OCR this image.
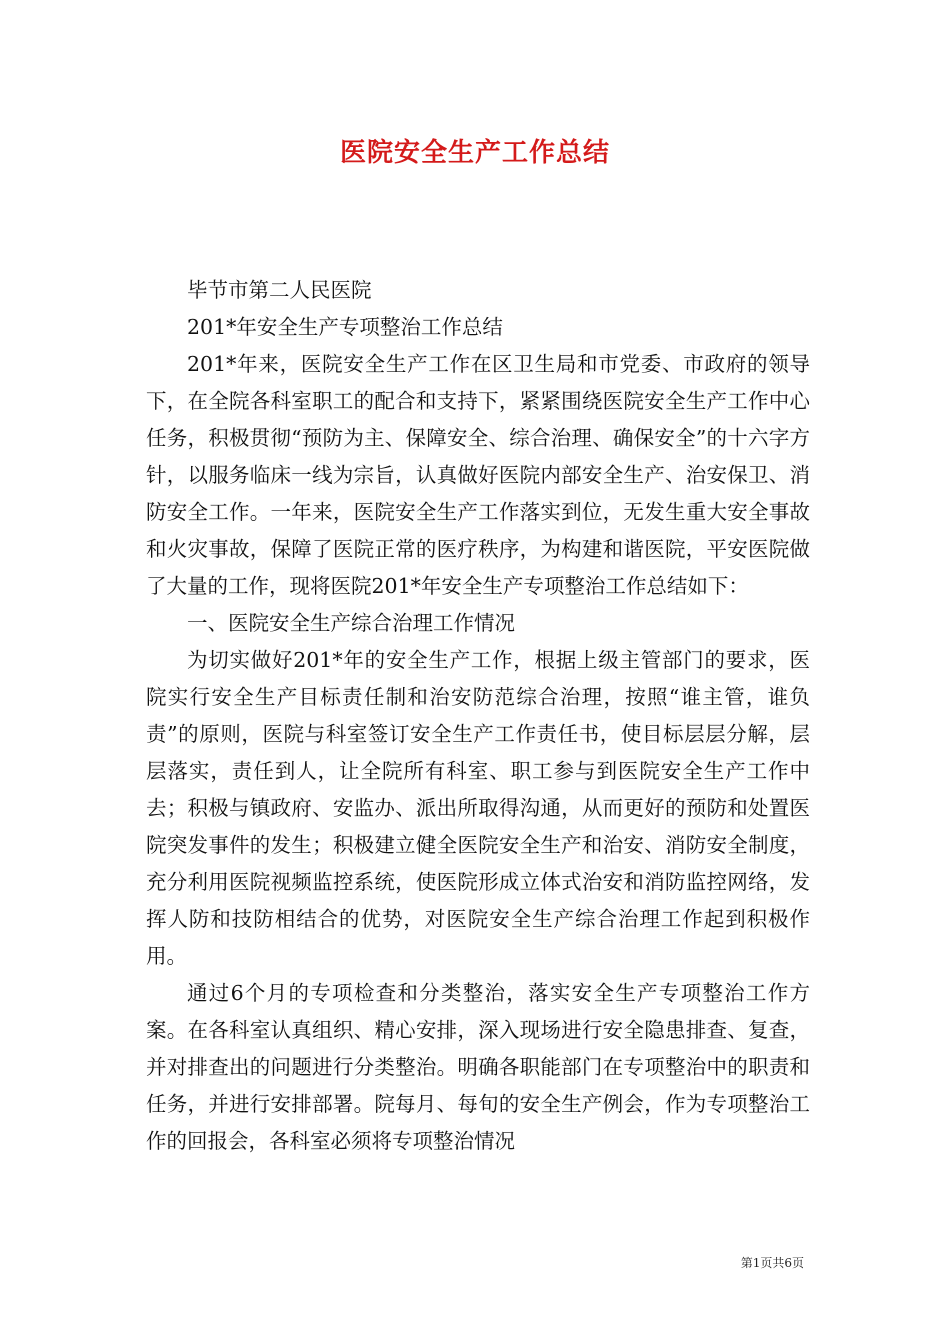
医院安全生产工作总结

毕节市第二人民医院

201*年安全生产专项整治工作总结

201*年来，医院安全生产工作在区卫生局和市党委、市政府的领导下，在全院各科室职工的配合和支持下，紧紧围绕医院安全生产工作中心任务，积极贯彻“预防为主、保障安全、综合治理、确保安全”的十六字方针，以服务临床一线为宗旨，认真做好医院内部安全生产、治安保卫、消防安全工作。一年来，医院安全生产工作落实到位，无发生重大安全事故和火灾事故，保障了医院正常的医疗秩序，为构建和谐医院，平安医院做了大量的工作，现将医院201*年安全生产专项整治工作总结如下：

一、医院安全生产综合治理工作情况

为切实做好201*年的安全生产工作，根据上级主管部门的要求，医院实行安全生产目标责任制和治安防范综合治理，按照“谁主管，谁负责”的原则，医院与科室签订安全生产工作责任书，使目标层层分解，层层落实，责任到人，让全院所有科室、职工参与到医院安全生产工作中去；积极与镇政府、安监办、派出所取得沟通，从而更好的预防和处置医院突发事件的发生；积极建立健全医院安全生产和治安、消防安全制度，充分利用医院视频监控系统，使医院形成立体式治安和消防监控网络，发挥人防和技防相结合的优势，对医院安全生产综合治理工作起到积极作用。

通过6个月的专项检查和分类整治，落实安全生产专项整治工作方案。在各科室认真组织、精心安排，深入现场进行安全隐患排查、复查，并对排查出的问题进行分类整治。明确各职能部门在专项整治中的职责和任务，并进行安排部署。院每月、每旬的安全生产例会，作为专项整治工作的回报会，各科室必须将专项整治情况

第1页共6页
